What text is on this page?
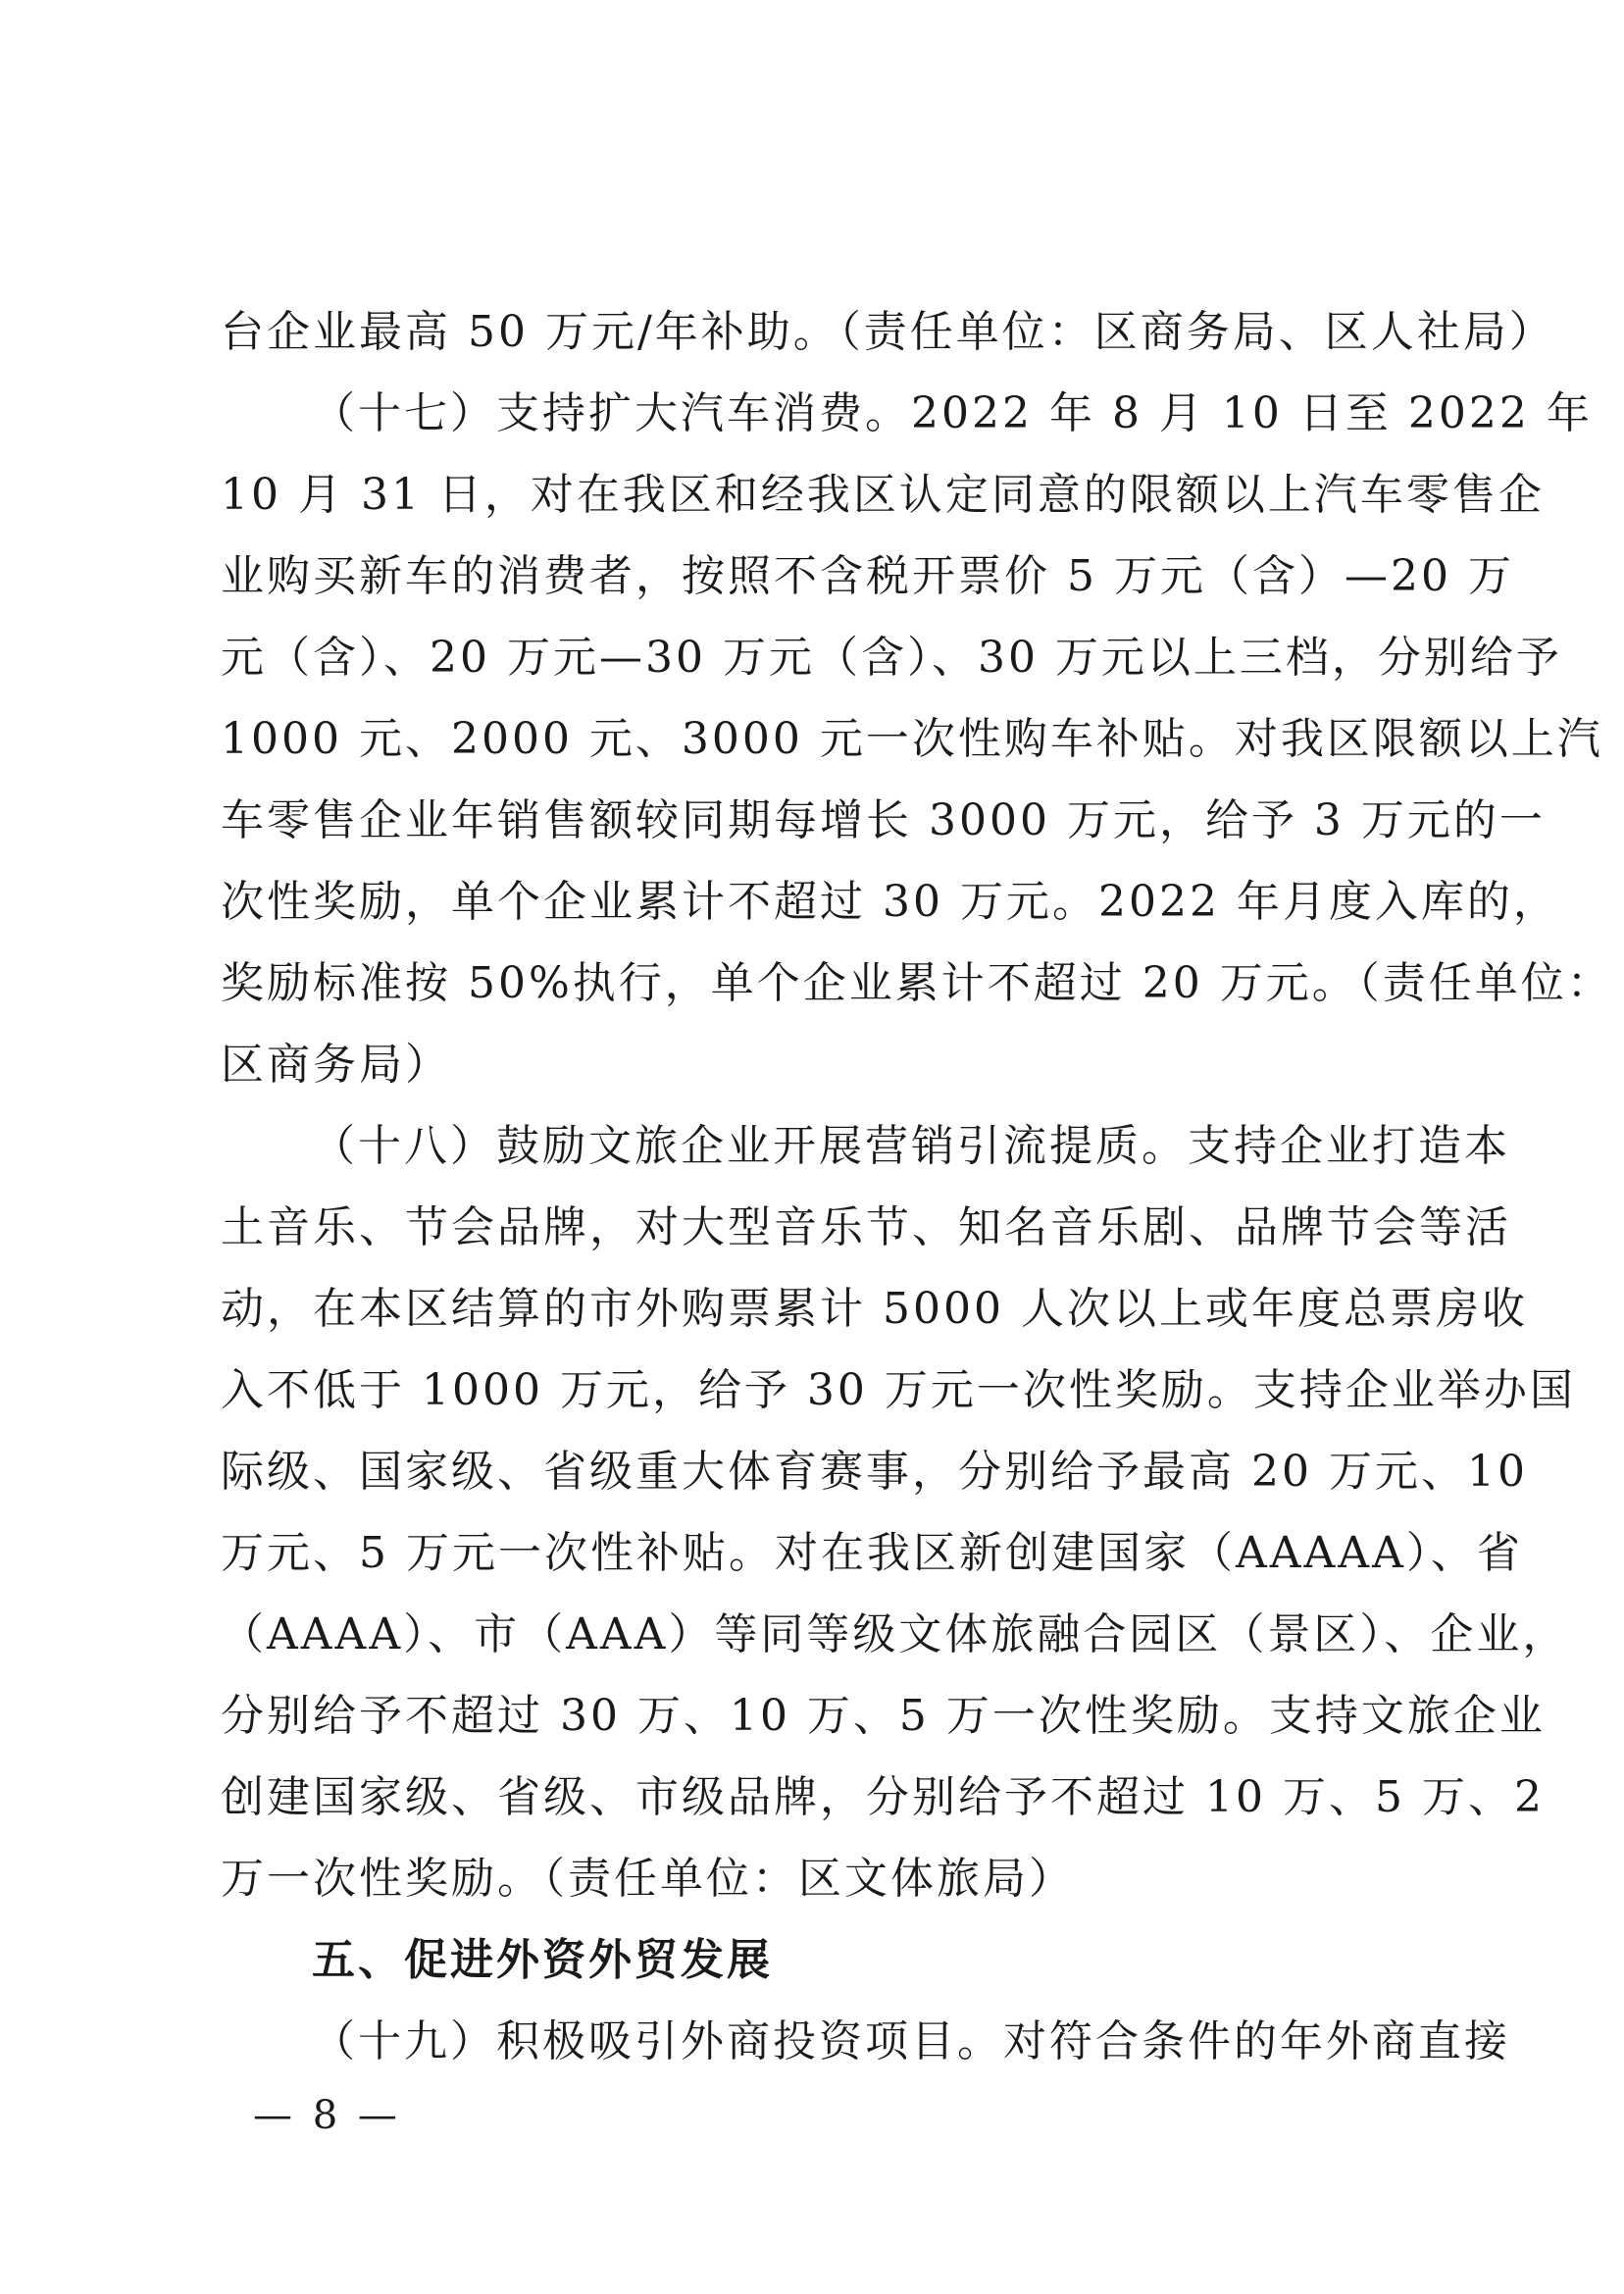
台企业最高 50 万元/年补助。（责任单位：区商务局、区人社局）
（十七）支持扩大汽车消费。2022 年 8 月 10 日至 2022 年
10 月 31 日，对在我区和经我区认定同意的限额以上汽车零售企
业购买新车的消费者，按照不含税开票价 5 万元（含）—20 万
元（含）、20 万元—30 万元（含）、30 万元以上三档，分别给予
1000 元、2000 元、3000 元一次性购车补贴。对我区限额以上汽
车零售企业年销售额较同期每增长 3000 万元，给予 3 万元的一
次性奖励，单个企业累计不超过 30 万元。2022 年月度入库的，
奖励标准按 50%执行，单个企业累计不超过 20 万元。（责任单位：
区商务局）
（十八）鼓励文旅企业开展营销引流提质。支持企业打造本
土音乐、节会品牌，对大型音乐节、知名音乐剧、品牌节会等活
动，在本区结算的市外购票累计 5000 人次以上或年度总票房收
入不低于 1000 万元，给予 30 万元一次性奖励。支持企业举办国
际级、国家级、省级重大体育赛事，分别给予最高 20 万元、10
万元、5 万元一次性补贴。对在我区新创建国家（AAAAA）、省
（AAAA）、市（AAA）等同等级文体旅融合园区（景区）、企业，
分别给予不超过 30 万、10 万、5 万一次性奖励。支持文旅企业
创建国家级、省级、市级品牌，分别给予不超过 10 万、5 万、2
万一次性奖励。（责任单位：区文体旅局）
五、促进外资外贸发展
（十九）积极吸引外商投资项目。对符合条件的年外商直接
— 8 —
